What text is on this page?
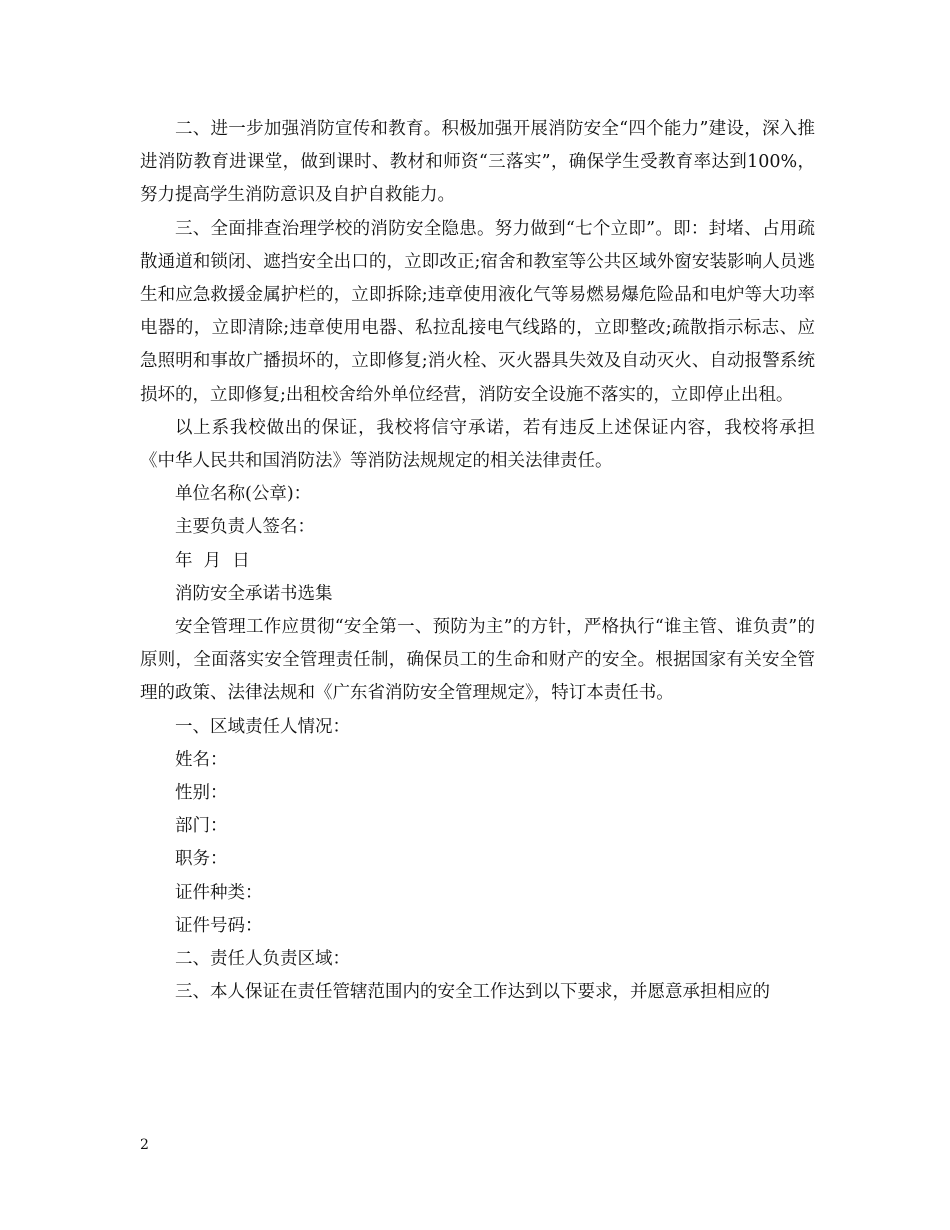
二、进一步加强消防宣传和教育。积极加强开展消防安全“四个能力”建设，深入推进消防教育进课堂，做到课时、教材和师资“三落实”，确保学生受教育率达到100%，努力提高学生消防意识及自护自救能力。

三、全面排查治理学校的消防安全隐患。努力做到“七个立即”。即：封堵、占用疏散通道和锁闭、遮挡安全出口的，立即改正;宿舍和教室等公共区域外窗安装影响人员逃生和应急救援金属护栏的，立即拆除;违章使用液化气等易燃易爆危险品和电炉等大功率电器的，立即清除;违章使用电器、私拉乱接电气线路的，立即整改;疏散指示标志、应急照明和事故广播损坏的，立即修复;消火栓、灭火器具失效及自动灭火、自动报警系统损坏的，立即修复;出租校舍给外单位经营，消防安全设施不落实的，立即停止出租。

以上系我校做出的保证，我校将信守承诺，若有违反上述保证内容，我校将承担《中华人民共和国消防法》等消防法规规定的相关法律责任。

单位名称(公章)：

主要负责人签名：

年  月  日

消防安全承诺书选集

安全管理工作应贯彻“安全第一、预防为主”的方针，严格执行“谁主管、谁负责”的原则，全面落实安全管理责任制，确保员工的生命和财产的安全。根据国家有关安全管理的政策、法律法规和《广东省消防安全管理规定》，特订本责任书。

一、区域责任人情况：

姓名：

性别：

部门：

职务：

证件种类：

证件号码：

二、责任人负责区域：

三、本人保证在责任管辖范围内的安全工作达到以下要求，并愿意承担相应的

2
